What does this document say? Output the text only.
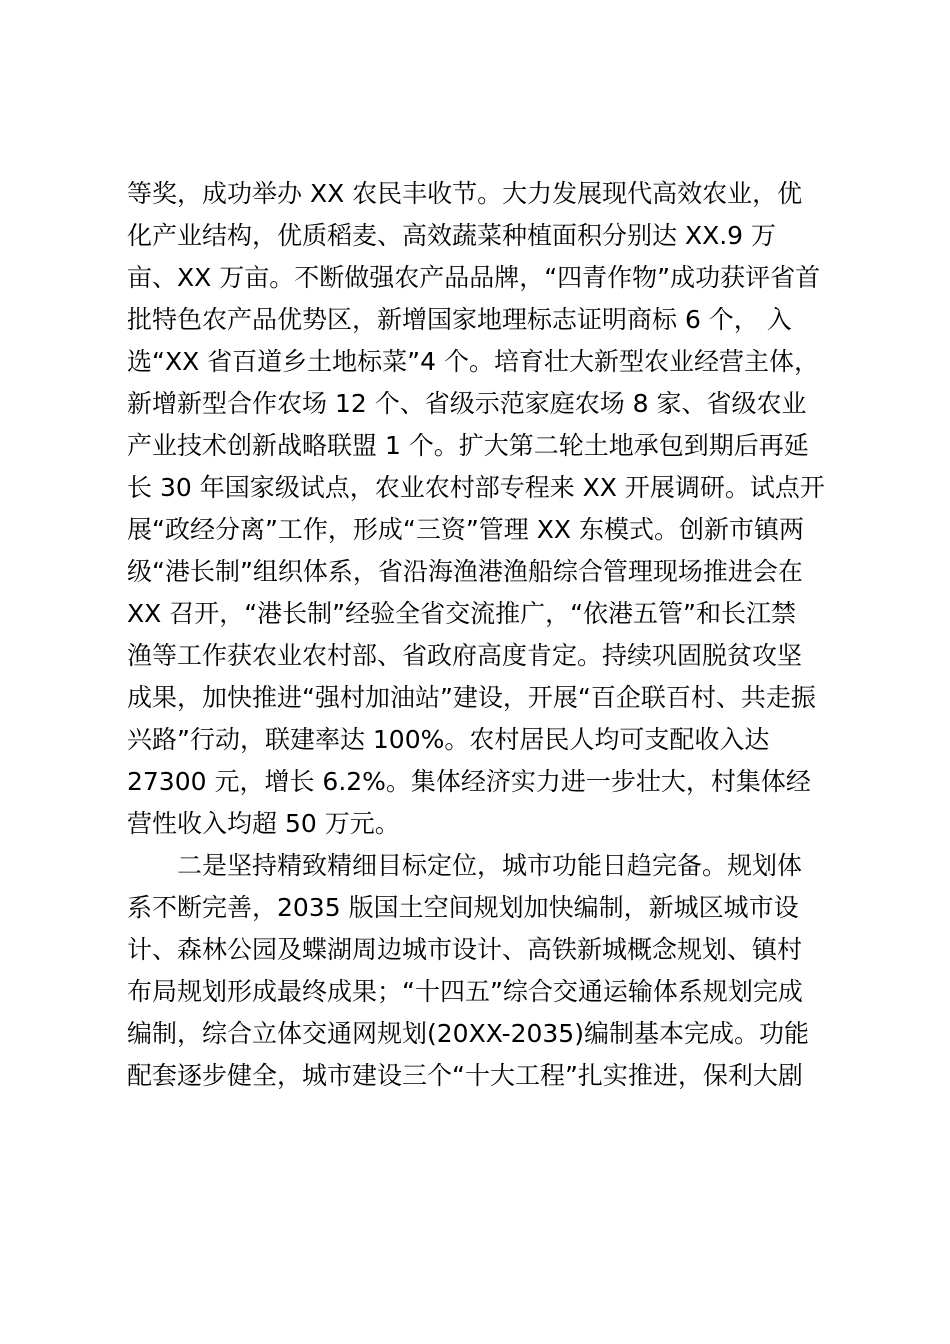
等奖，成功举办 XX 农民丰收节。大力发展现代高效农业，优
化产业结构，优质稻麦、高效蔬菜种植面积分别达 XX.9 万
亩、XX 万亩。不断做强农产品品牌，“四青作物”成功获评省首
批特色农产品优势区，新增国家地理标志证明商标 6 个， 入
选“XX 省百道乡土地标菜”4 个。培育壮大新型农业经营主体，
新增新型合作农场 12 个、省级示范家庭农场 8 家、省级农业
产业技术创新战略联盟 1 个。扩大第二轮土地承包到期后再延
长 30 年国家级试点，农业农村部专程来 XX 开展调研。试点开
展“政经分离”工作，形成“三资”管理 XX 东模式。创新市镇两
级“港长制”组织体系，省沿海渔港渔船综合管理现场推进会在
XX 召开，“港长制”经验全省交流推广，“依港五管”和长江禁
渔等工作获农业农村部、省政府高度肯定。持续巩固脱贫攻坚
成果，加快推进“强村加油站”建设，开展“百企联百村、共走振
兴路”行动，联建率达 100%。农村居民人均可支配收入达
27300 元，增长 6.2%。集体经济实力进一步壮大，村集体经
营性收入均超 50 万元。
二是坚持精致精细目标定位，城市功能日趋完备。规划体
系不断完善，2035 版国土空间规划加快编制，新城区城市设
计、森林公园及蝶湖周边城市设计、高铁新城概念规划、镇村
布局规划形成最终成果；“十四五”综合交通运输体系规划完成
编制，综合立体交通网规划(20XX-2035)编制基本完成。功能
配套逐步健全，城市建设三个“十大工程”扎实推进，保利大剧
